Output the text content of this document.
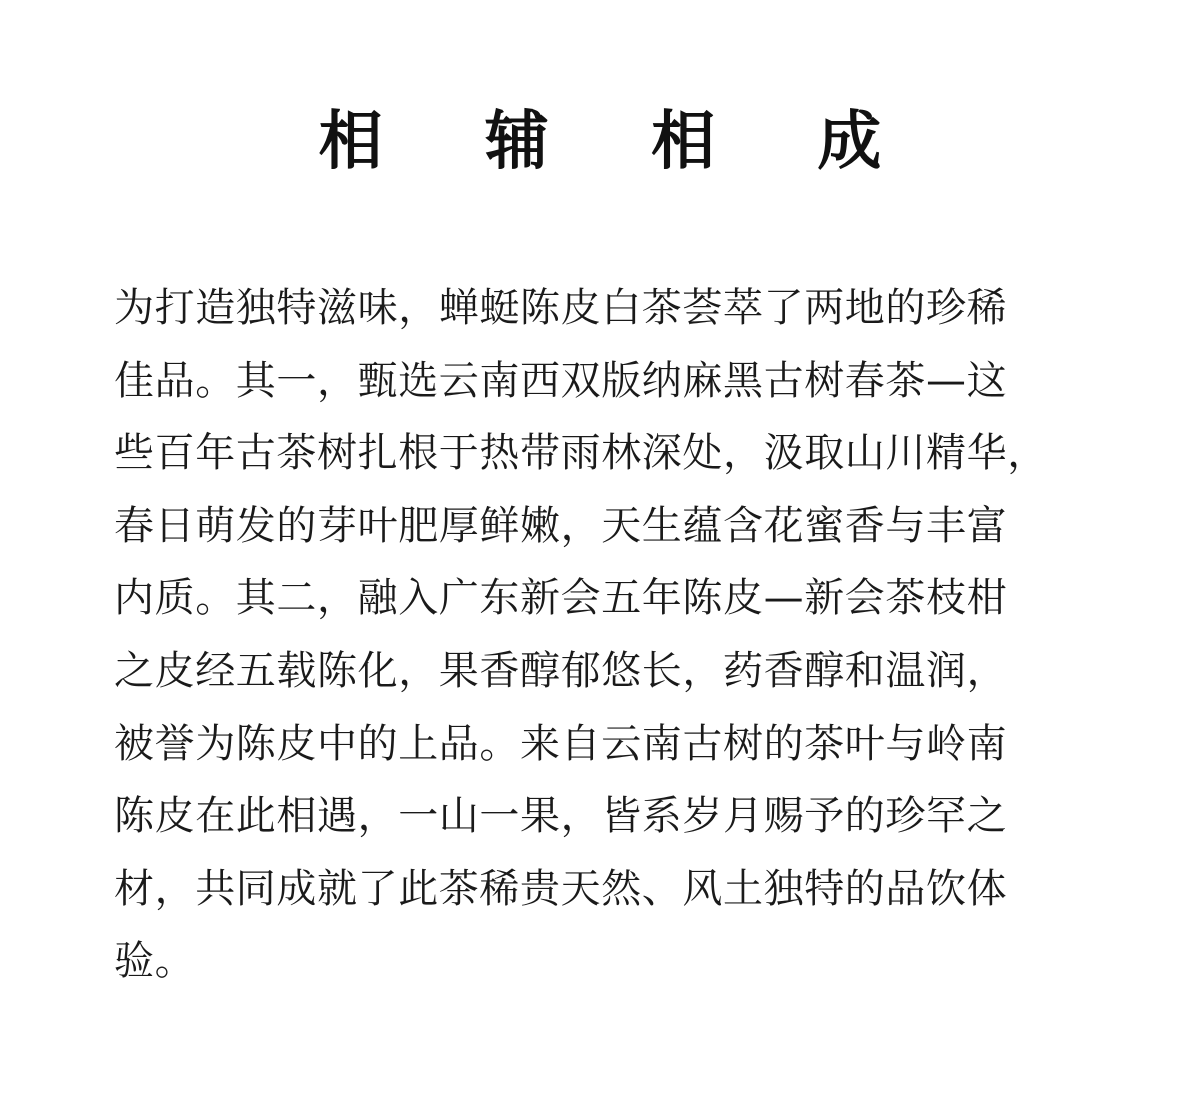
相 辅 相 成
为打造独特滋味，蝉蜓陈皮白茶荟萃了两地的珍稀
佳品。其一，甄选云南西双版纳麻黑古树春茶—这
些百年古茶树扎根于热带雨林深处，汲取山川精华，
春日萌发的芽叶肥厚鲜嫩，天生蕴含花蜜香与丰富
内质。其二，融入广东新会五年陈皮—新会茶枝柑
之皮经五载陈化，果香醇郁悠长，药香醇和温润，
被誉为陈皮中的上品。来自云南古树的茶叶与岭南
陈皮在此相遇，一山一果，皆系岁月赐予的珍罕之
材，共同成就了此茶稀贵天然、风土独特的品饮体
验。
